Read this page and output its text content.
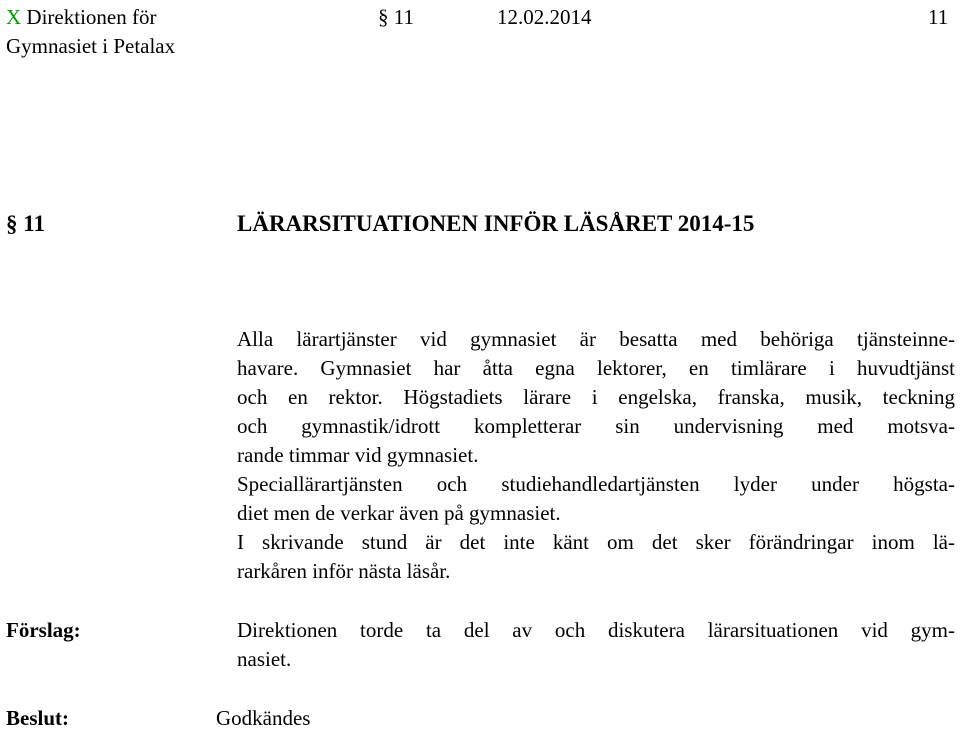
X Direktionen för
Gymnasiet i Petalax
§ 11	12.02.2014	11
§ 11	LÄRARSITUATIONEN INFÖR LÄSÅRET 2014-15
Alla lärartjänster vid gymnasiet är besatta med behöriga tjänsteinne-
havare. Gymnasiet har åtta egna lektorer, en timlärare i huvudtjänst
och en rektor. Högstadiets lärare i engelska, franska, musik, teckning
och gymnastik/idrott kompletterar sin undervisning med motsva-
rande timmar vid gymnasiet.
Speciallärartjänsten och studiehandledartjänsten lyder under högsta-
diet men de verkar även på gymnasiet.
I skrivande stund är det inte känt om det sker förändringar inom lä-
rarkåren inför nästa läsår.
Förslag:	Direktionen torde ta del av och diskutera lärarsituationen vid gym-
nasiet.
Beslut:	Godkändes
